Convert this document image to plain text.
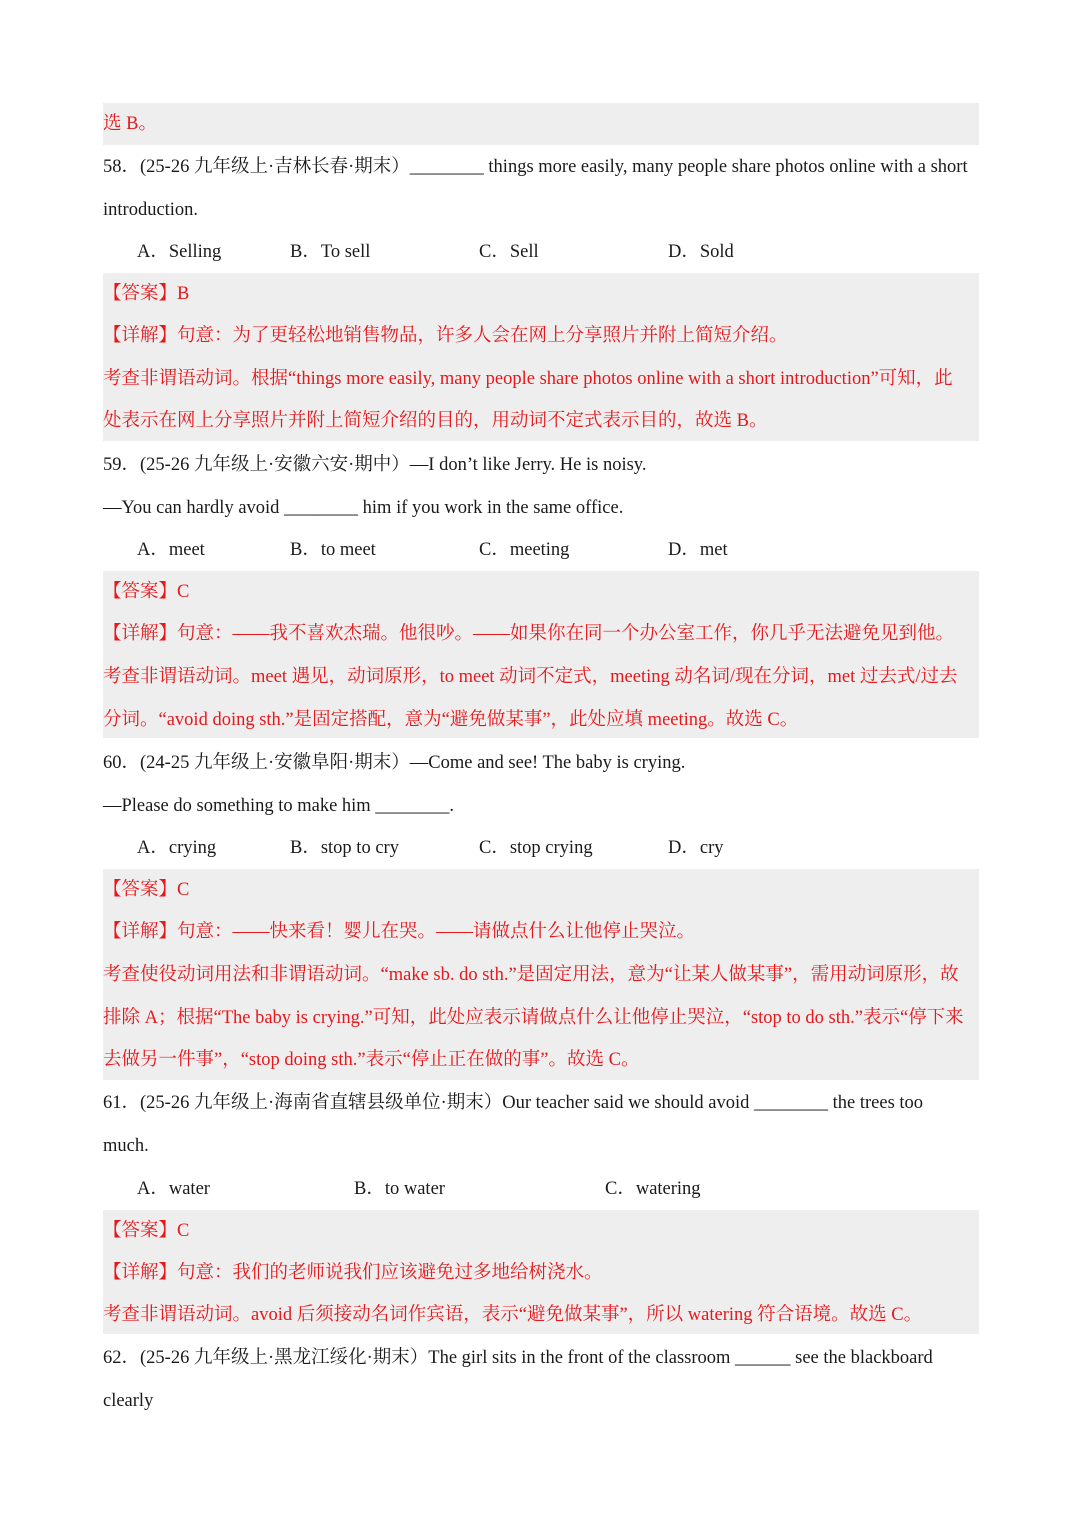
选 B。
58．(25-26 九年级上·吉林长春·期末）________ things more easily, many people share photos online with a short
introduction.
A．Selling	B．To sell	C．Sell	D．Sold
【答案】B
【详解】句意：为了更轻松地销售物品，许多人会在网上分享照片并附上简短介绍。
考查非谓语动词。根据“things more easily, many people share photos online with a short introduction”可知，此
处表示在网上分享照片并附上简短介绍的目的，用动词不定式表示目的，故选 B。
59．(25-26 九年级上·安徽六安·期中）—I don’t like Jerry. He is noisy.
—You can hardly avoid ________ him if you work in the same office.
A．meet	B．to meet	C．meeting	D．met
【答案】C
【详解】句意：——我不喜欢杰瑞。他很吵。——如果你在同一个办公室工作，你几乎无法避免见到他。
考查非谓语动词。meet 遇见，动词原形，to meet 动词不定式，meeting 动名词/现在分词，met 过去式/过去
分词。“avoid doing sth.”是固定搭配，意为“避免做某事”，此处应填 meeting。故选 C。
60．(24-25 九年级上·安徽阜阳·期末）—Come and see! The baby is crying.
—Please do something to make him ________.
A．crying	B．stop to cry	C．stop crying	D．cry
【答案】C
【详解】句意：——快来看！婴儿在哭。——请做点什么让他停止哭泣。
考查使役动词用法和非谓语动词。“make sb. do sth.”是固定用法，意为“让某人做某事”，需用动词原形，故
排除 A；根据“The baby is crying.”可知，此处应表示请做点什么让他停止哭泣，“stop to do sth.”表示“停下来
去做另一件事”，“stop doing sth.”表示“停止正在做的事”。故选 C。
61．(25-26 九年级上·海南省直辖县级单位·期末）Our teacher said we should avoid ________ the trees too
much.
A．water	B．to water	C．watering
【答案】C
【详解】句意：我们的老师说我们应该避免过多地给树浇水。
考查非谓语动词。avoid 后须接动名词作宾语，表示“避免做某事”，所以 watering 符合语境。故选 C。
62．(25-26 九年级上·黑龙江绥化·期末）The girl sits in the front of the classroom ______ see the blackboard
clearly
